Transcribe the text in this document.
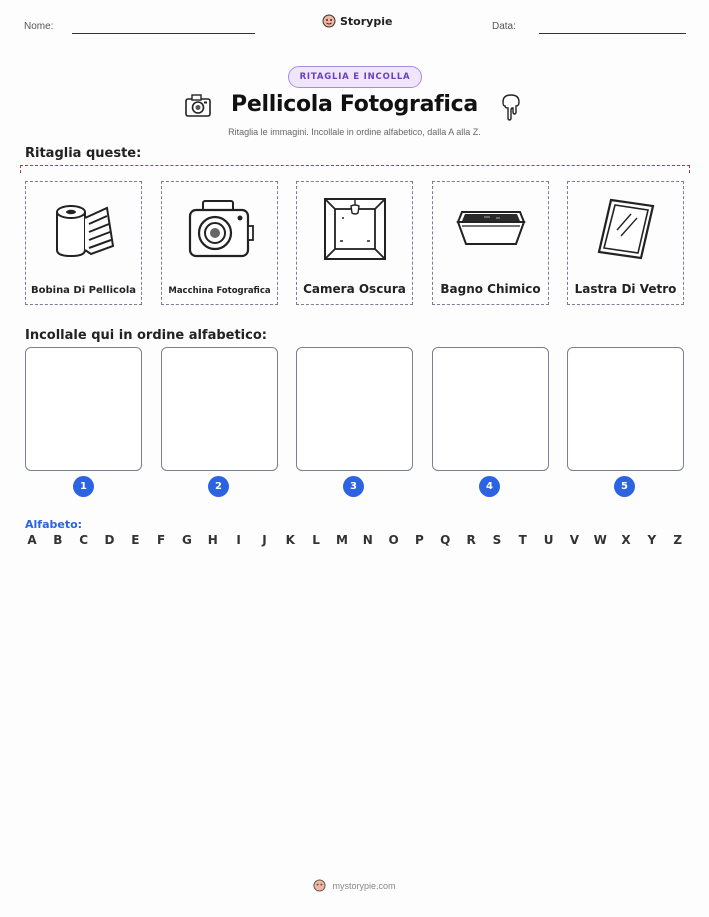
Nome:	Storypie	Data:
RITAGLIA E INCOLLA
Pellicola Fotografica
Ritaglia le immagini. Incollale in ordine alfabetico, dalla A alla Z.
Ritaglia queste:
Bobina Di Pellicola	Macchina Fotografica	Camera Oscura	Bagno Chimico	Lastra Di Vetro
Incollale qui in ordine alfabetico:
1	2	3	4	5
Alfabeto:
A B C D E F G H	I	J	K L M N O P Q R S T U V W X Y Z
mystorypie.com
